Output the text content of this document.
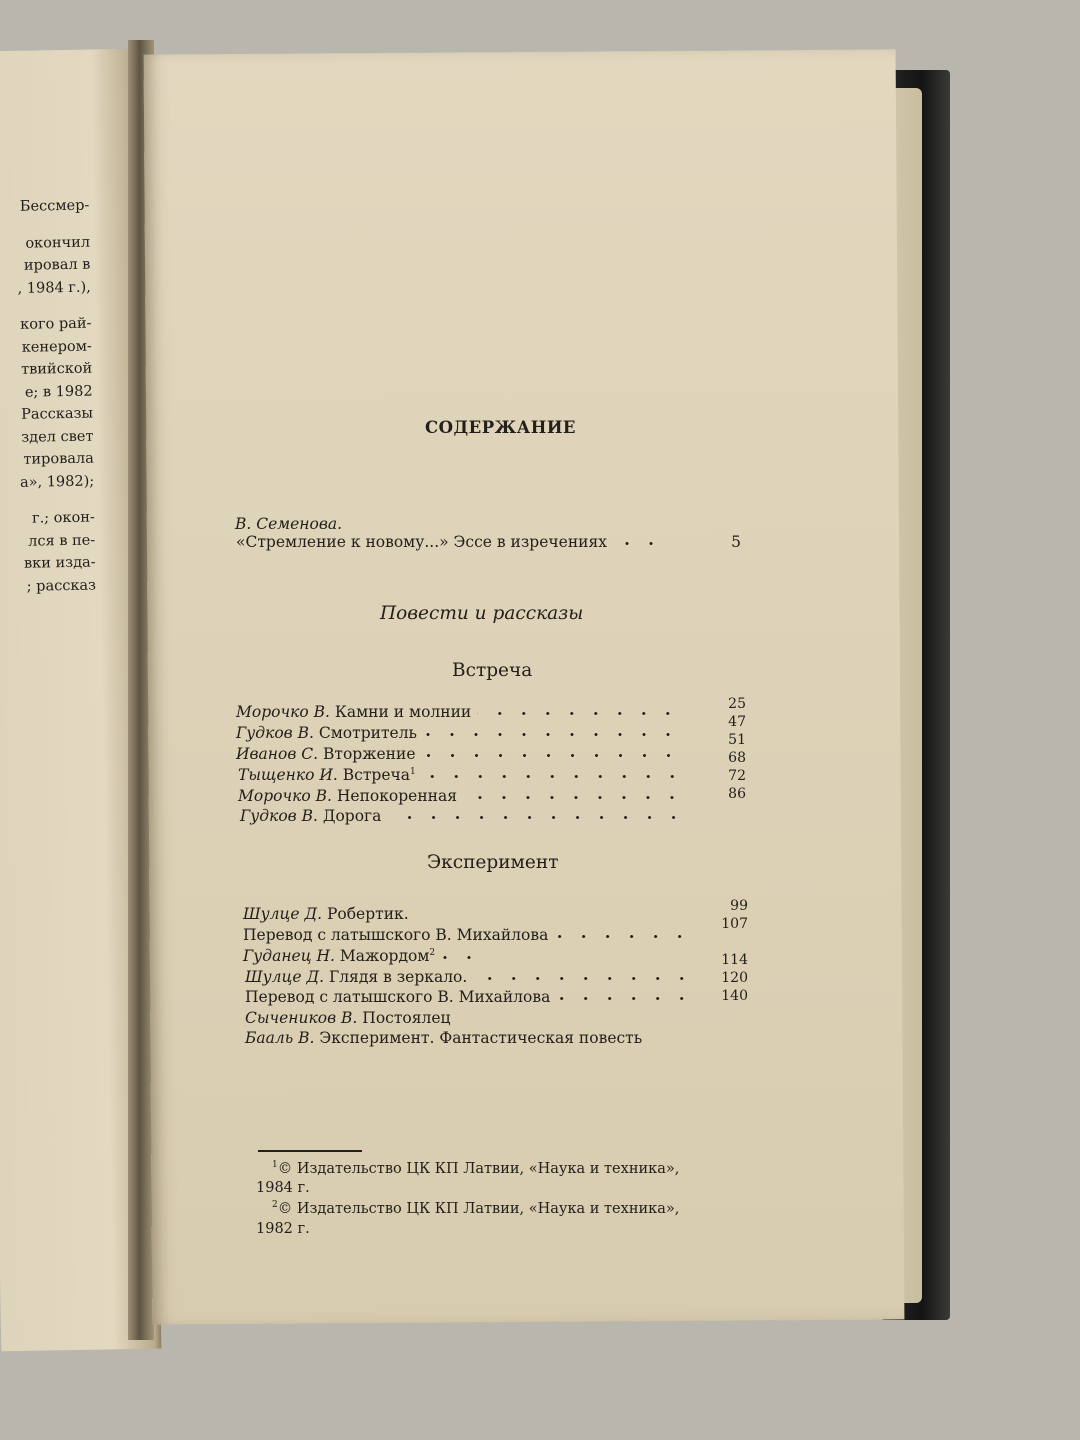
Бессмер-
окончил
ировал в
, 1984 г.),
кого рай-
кенером-
твийской
е; в 1982
Рассказы
здел свет
тировала
а», 1982);
г.; окон-
лся в пе-
вки изда-
; рассказ
СОДЕРЖАНИЕ
В. Семенова.
«Стремление к новому...» Эссе в изречениях	5
Повести и рассказы
Встреча
25
47
51
68
72
86
Морочко В. Камни и молнии
Гудков В. Смотритель
Иванов С. Вторжение
Тыщенко И. Встреча$^1$
Морочко В. Непокоренная
Гудков В. Дорога
Эксперимент
99
107
114
120
140
Шулце Д. Робертик.
Перевод с латышского В. Михайлова
Гуданец Н. Мажордом$^2$
Шулце Д. Глядя в зеркало.
Перевод с латышского В. Михайлова
Сычеников В. Постоялец
Бааль В. Эксперимент. Фантастическая повесть
$^1$© Издательство ЦК КП Латвии, «Наука и техника»,
1984 г.
$^2$© Издательство ЦК КП Латвии, «Наука и техника»,
1982 г.
